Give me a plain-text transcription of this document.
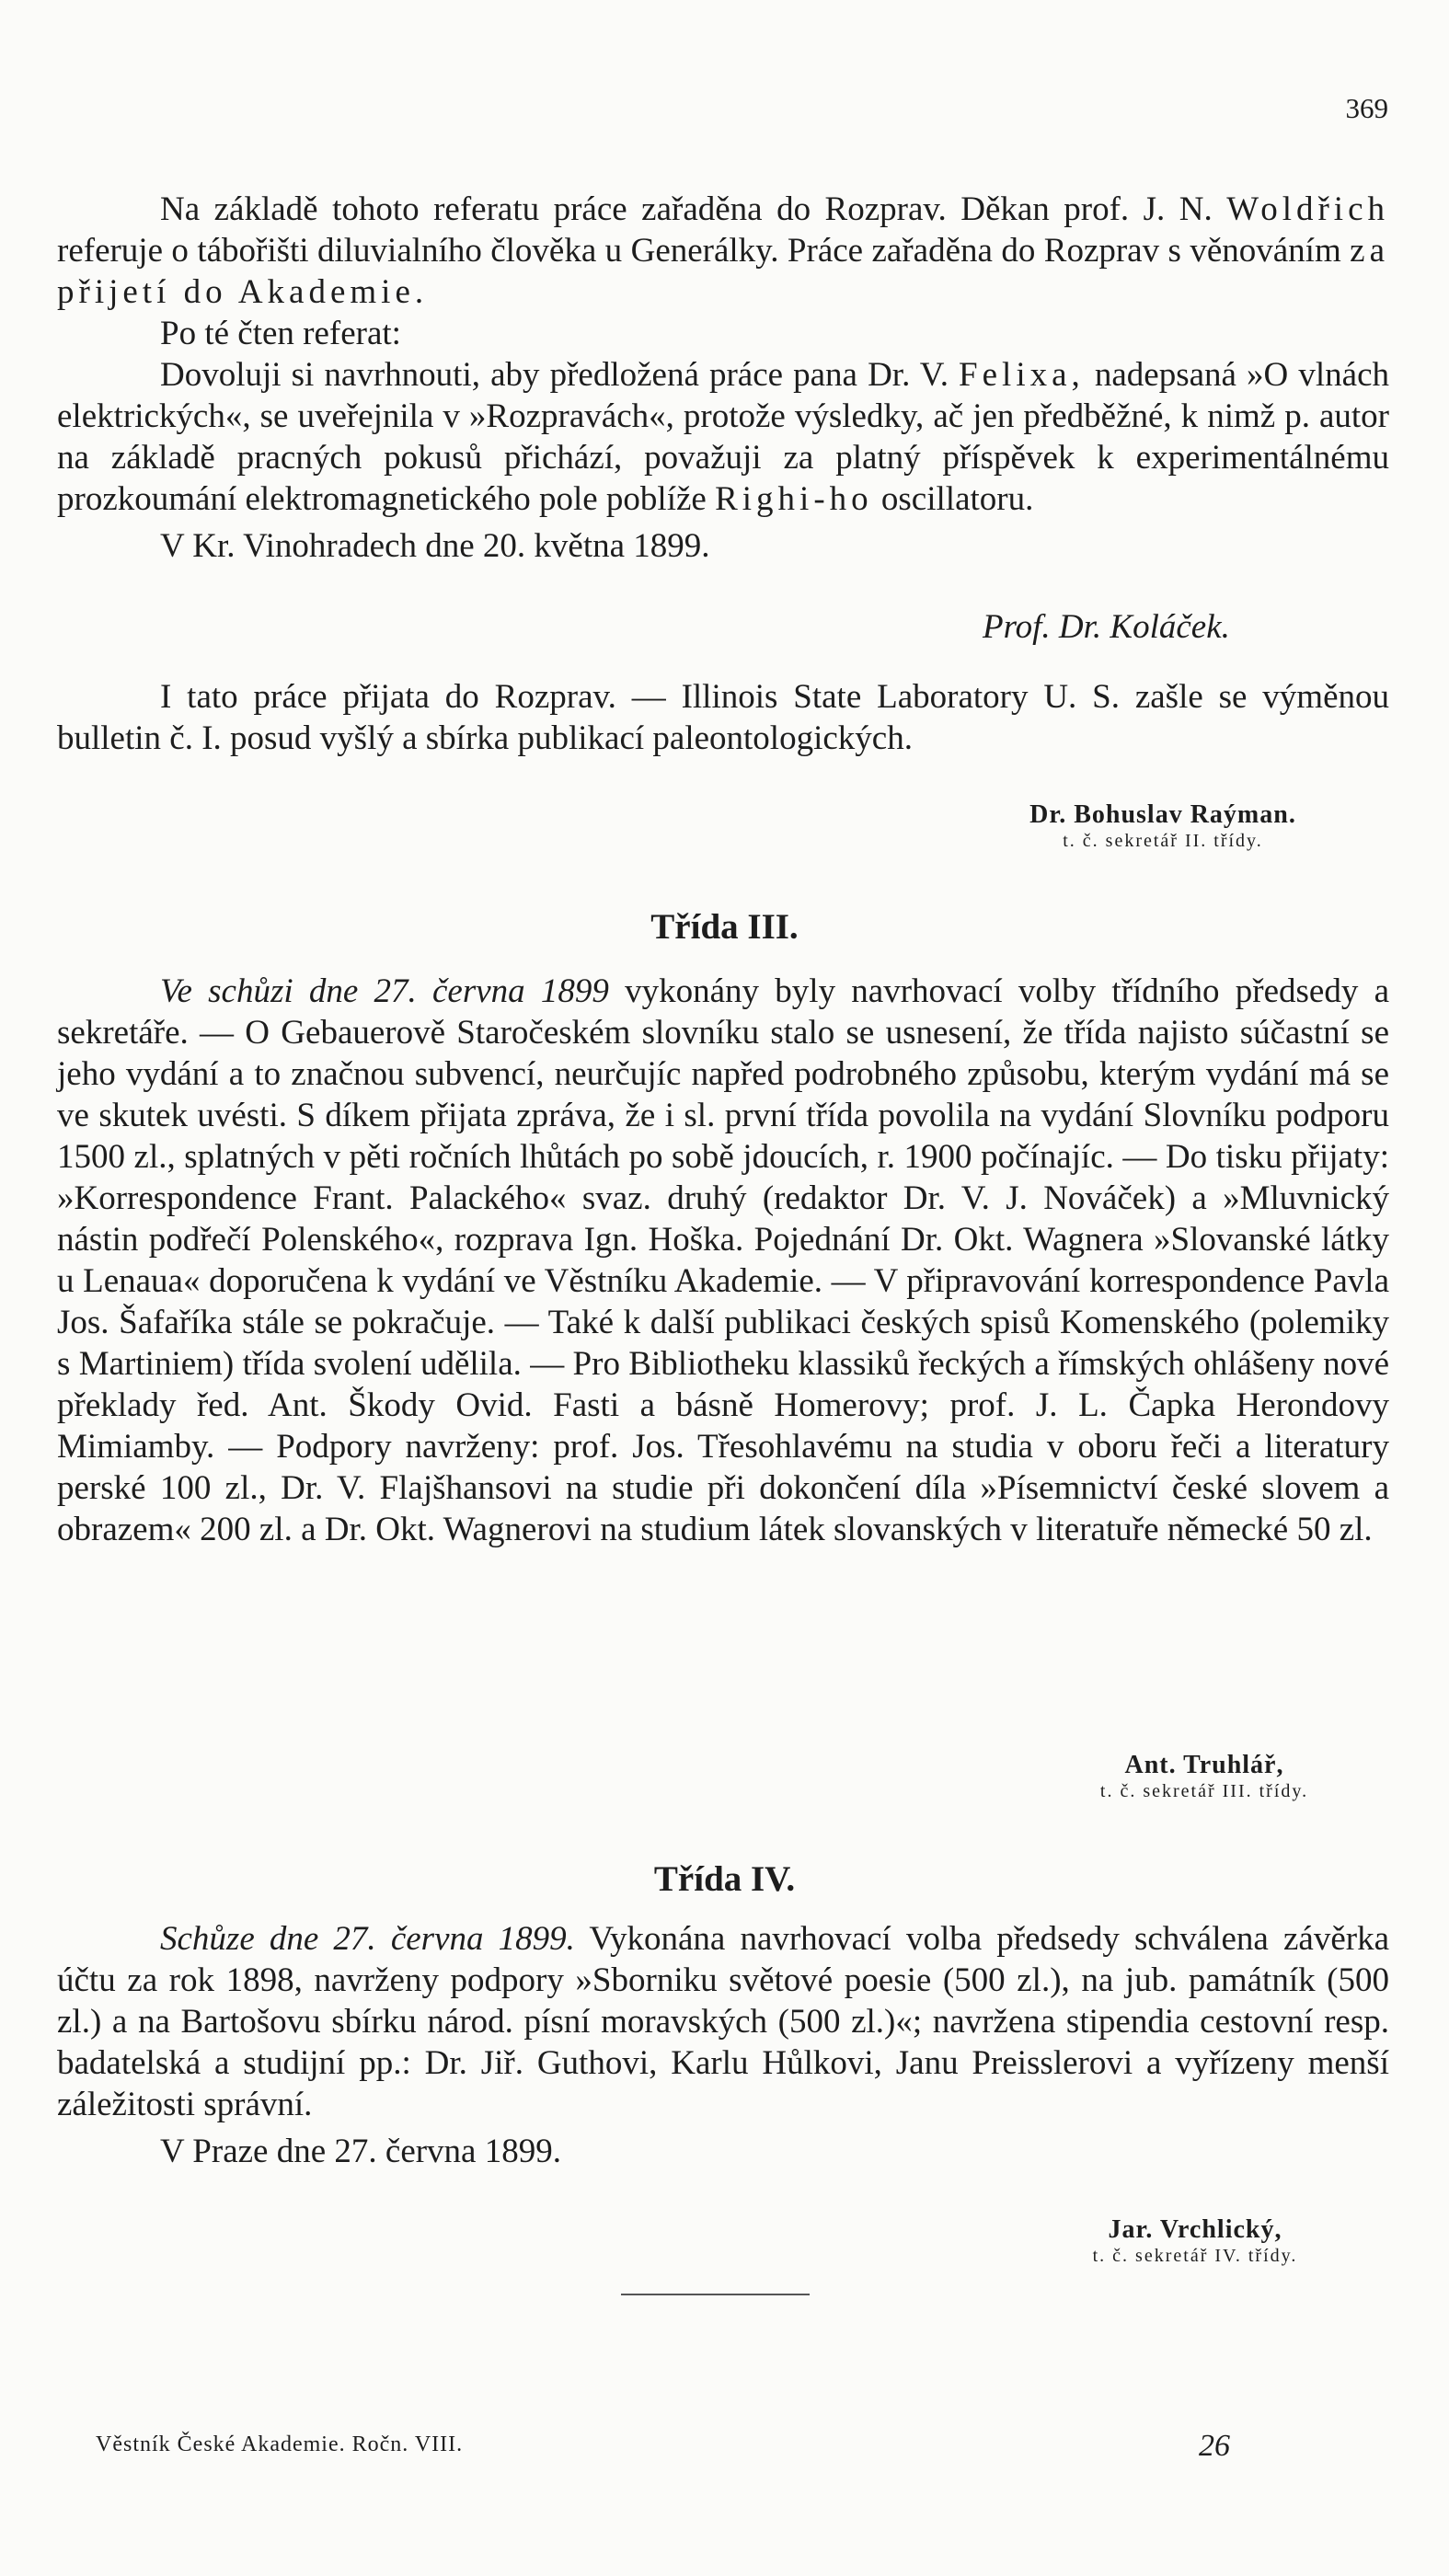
369

Na základě tohoto referatu práce zařaděna do Rozprav. Děkan prof. J. N. Woldřich referuje o tábořišti diluvialního člověka u Generálky. Práce zařaděna do Rozprav s věnováním za přijetí do Akademie.

Po té čten referat:

Dovoluji si navrhnouti, aby předložená práce pana Dr. V. Felixa, nadepsaná »O vlnách elektrických«, se uveřejnila v »Rozpravách«, protože výsledky, ač jen předběžné, k nimž p. autor na základě pracných pokusů přichází, považuji za platný příspěvek k experimentálnému prozkoumání elektromagnetického pole poblíže Righi-ho oscillatoru.

V Kr. Vinohradech dne 20. května 1899.

Prof. Dr. Koláček.

I tato práce přijata do Rozprav. — Illinois State Laboratory U. S. zašle se výměnou bulletin č. I. posud vyšlý a sbírka publikací paleontologických.

Dr. Bohuslav Raýman.
t. č. sekretář II. třídy.
Třída III.

Ve schůzi dne 27. června 1899 vykonány byly navrhovací volby třídního předsedy a sekretáře. — O Gebauerově Staročeském slovníku stalo se usnesení, že třída najisto súčastní se jeho vydání a to značnou subvencí, neurčujíc napřed podrobného způsobu, kterým vydání má se ve skutek uvésti. S díkem přijata zpráva, že i sl. první třída povolila na vydání Slovníku podporu 1500 zl., splatných v pěti ročních lhůtách po sobě jdoucích, r. 1900 počínajíc. — Do tisku přijaty: »Korrespondence Frant. Palackého« svaz. druhý (redaktor Dr. V. J. Nováček) a »Mluvnický nástin podřečí Polenského«, rozprava Ign. Hoška. Pojednání Dr. Okt. Wagnera »Slovanské látky u Lenaua« doporučena k vydání ve Věstníku Akademie. — V připravování korrespondence Pavla Jos. Šafaříka stále se pokračuje. — Také k další publikaci českých spisů Komenského (polemiky s Martiniem) třída svolení udělila. — Pro Bibliotheku klassiků řeckých a římských ohlášeny nové překlady řed. Ant. Škody Ovid. Fasti a básně Homerovy; prof. J. L. Čapka Herondovy Mimiamby. — Podpory navrženy: prof. Jos. Třesohlavému na studia v oboru řeči a literatury perské 100 zl., Dr. V. Flajšhansovi na studie při dokončení díla »Písemnictví české slovem a obrazem« 200 zl. a Dr. Okt. Wagnerovi na studium látek slovanských v literatuře německé 50 zl.

Ant. Truhlář,
t. č. sekretář III. třídy.
Třída IV.

Schůze dne 27. června 1899. Vykonána navrhovací volba předsedy schválena závěrka účtu za rok 1898, navrženy podpory »Sborniku světové poesie (500 zl.), na jub. památník (500 zl.) a na Bartošovu sbírku národ. písní moravských (500 zl.)«; navržena stipendia cestovní resp. badatelská a studijní pp.: Dr. Jiř. Guthovi, Karlu Hůlkovi, Janu Preisslerovi a vyřízeny menší záležitosti správní.

V Praze dne 27. června 1899.

Jar. Vrchlický,
t. č. sekretář IV. třídy.
Věstník České Akademie. Ročn. VIII.	26
